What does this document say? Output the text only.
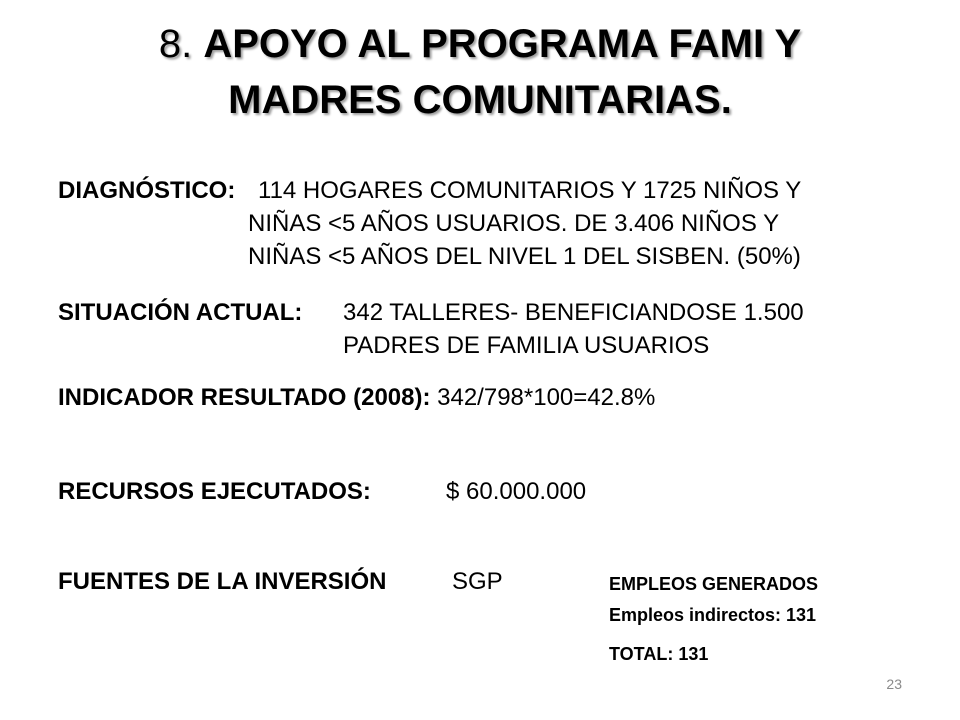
8. APOYO AL PROGRAMA FAMI Y
MADRES COMUNITARIAS.
DIAGNÓSTICO: 114 HOGARES COMUNITARIOS Y 1725 NIÑOS Y
NIÑAS <5 AÑOS USUARIOS. DE 3.406 NIÑOS Y
NIÑAS <5 AÑOS DEL NIVEL 1 DEL SISBEN. (50%)
SITUACIÓN ACTUAL: 342 TALLERES- BENEFICIANDOSE 1.500
PADRES DE FAMILIA USUARIOS
INDICADOR RESULTADO (2008): 342/798*100=42.8%
RECURSOS EJECUTADOS:	$ 60.000.000
FUENTES DE LA INVERSIÓN	SGP	EMPLEOS GENERADOS
Empleos indirectos: 131
TOTAL: 131
23
